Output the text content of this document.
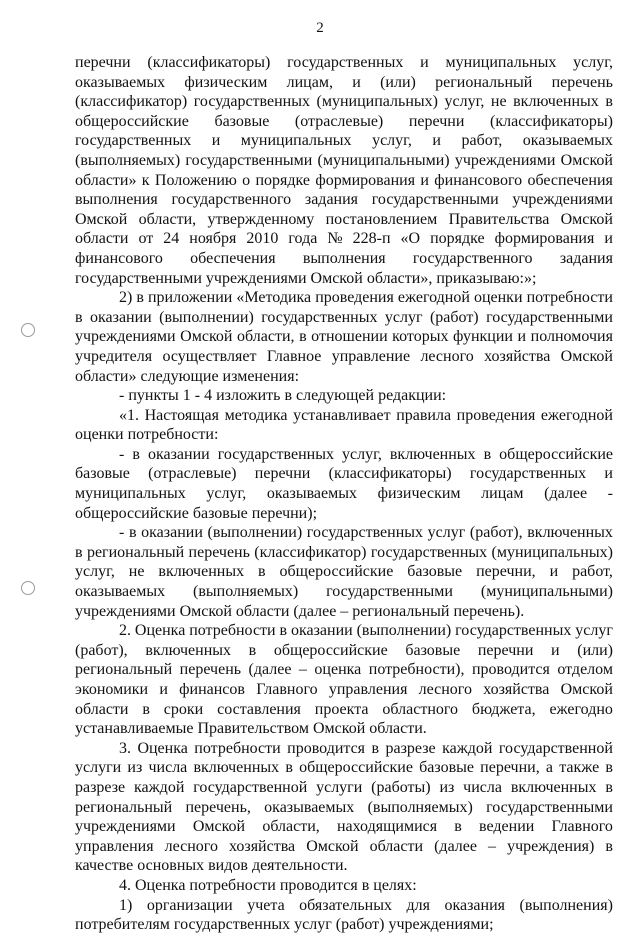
2
перечни (классификаторы) государственных и муниципальных услуг,
оказываемых физическим лицам, и (или) региональный перечень
(классификатор) государственных (муниципальных) услуг, не включенных в
общероссийские базовые (отраслевые) перечни (классификаторы)
государственных и муниципальных услуг, и работ, оказываемых
(выполняемых) государственными (муниципальными) учреждениями Омской
области» к Положению о порядке формирования и финансового обеспечения
выполнения государственного задания государственными учреждениями
Омской области, утвержденному постановлением Правительства Омской
области от 24 ноября 2010 года № 228-п «О порядке формирования и
финансового обеспечения выполнения государственного задания
государственными учреждениями Омской области», приказываю:»;
2) в приложении «Методика проведения ежегодной оценки потребности
в оказании (выполнении) государственных услуг (работ) государственными
учреждениями Омской области, в отношении которых функции и полномочия
учредителя осуществляет Главное управление лесного хозяйства Омской
области» следующие изменения:
- пункты 1 - 4 изложить в следующей редакции:
«1. Настоящая методика устанавливает правила проведения ежегодной
оценки потребности:
- в оказании государственных услуг, включенных в общероссийские
базовые (отраслевые) перечни (классификаторы) государственных и
муниципальных услуг, оказываемых физическим лицам (далее -
общероссийские базовые перечни);
- в оказании (выполнении) государственных услуг (работ), включенных
в региональный перечень (классификатор) государственных (муниципальных)
услуг, не включенных в общероссийские базовые перечни, и работ,
оказываемых (выполняемых) государственными (муниципальными)
учреждениями Омской области (далее – региональный перечень).
2. Оценка потребности в оказании (выполнении) государственных услуг
(работ), включенных в общероссийские базовые перечни и (или)
региональный перечень (далее – оценка потребности), проводится отделом
экономики и финансов Главного управления лесного хозяйства Омской
области в сроки составления проекта областного бюджета, ежегодно
устанавливаемые Правительством Омской области.
3. Оценка потребности проводится в разрезе каждой государственной
услуги из числа включенных в общероссийские базовые перечни, а также в
разрезе каждой государственной услуги (работы) из числа включенных в
региональный перечень, оказываемых (выполняемых) государственными
учреждениями Омской области, находящимися в ведении Главного
управления лесного хозяйства Омской области (далее – учреждения) в
качестве основных видов деятельности.
4. Оценка потребности проводится в целях:
1) организации учета обязательных для оказания (выполнения)
потребителям государственных услуг (работ) учреждениями;
